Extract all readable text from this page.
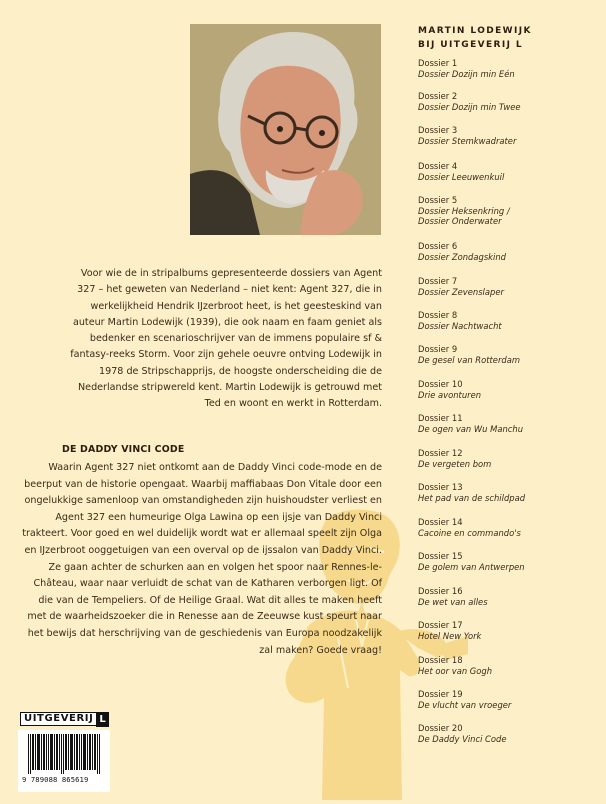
Voor wie de in stripalbums gepresenteerde dossiers van Agent 327 – het geweten van Nederland – niet kent: Agent 327, die in werkelijkheid Hendrik IJzerbroot heet, is het geesteskind van auteur Martin Lodewijk (1939), die ook naam en faam geniet als bedenker en scenarioschrijver van de immens populaire sf & fantasy-reeks Storm. Voor zijn gehele oeuvre ontving Lodewijk in 1978 de Stripschapprijs, de hoogste onderscheiding die de Nederlandse stripwereld kent. Martin Lodewijk is getrouwd met Ted en woont en werkt in Rotterdam.

DE DADDY VINCI CODE

Waarin Agent 327 niet ontkomt aan de Daddy Vinci code-mode en de beerput van de historie opengaat. Waarbij maffiabaas Don Vitale door een ongelukkige samenloop van omstandigheden zijn huishoudster verliest en Agent 327 een humeurige Olga Lawina op een ijsje van Daddy Vinci trakteert. Voor goed en wel duidelijk wordt wat er allemaal speelt zijn Olga en IJzerbroot ooggetuigen van een overval op de ijssalon van Daddy Vinci. Ze gaan achter de schurken aan en volgen het spoor naar Rennes-le-Château, waar naar verluidt de schat van de Katharen verborgen ligt. Of die van de Tempeliers. Of de Heilige Graal. Wat dit alles te maken heeft met de waarheidszoeker die in Renesse aan de Zeeuwse kust speurt naar het bewijs dat herschrijving van de geschiedenis van Europa noodzakelijk zal maken? Goede vraag!

MARTIN LODEWIJK
BIJ UITGEVERIJ L
Dossier 1
Dossier Dozijn min Eén
Dossier 2
Dossier Dozijn min Twee
Dossier 3
Dossier Stemkwadrater
Dossier 4
Dossier Leeuwenkuil
Dossier 5
Dossier Heksenkring /
Dossier Onderwater
Dossier 6
Dossier Zondagskind
Dossier 7
Dossier Zevenslaper
Dossier 8
Dossier Nachtwacht
Dossier 9
De gesel van Rotterdam
Dossier 10
Drie avonturen
Dossier 11
De ogen van Wu Manchu
Dossier 12
De vergeten bom
Dossier 13
Het pad van de schildpad
Dossier 14
Cacoine en commando's
Dossier 15
De golem van Antwerpen
Dossier 16
De wet van alles
Dossier 17
Hotel New York
Dossier 18
Het oor van Gogh
Dossier 19
De vlucht van vroeger
Dossier 20
De Daddy Vinci Code
UITGEVERIJ L
9 789088 865619
